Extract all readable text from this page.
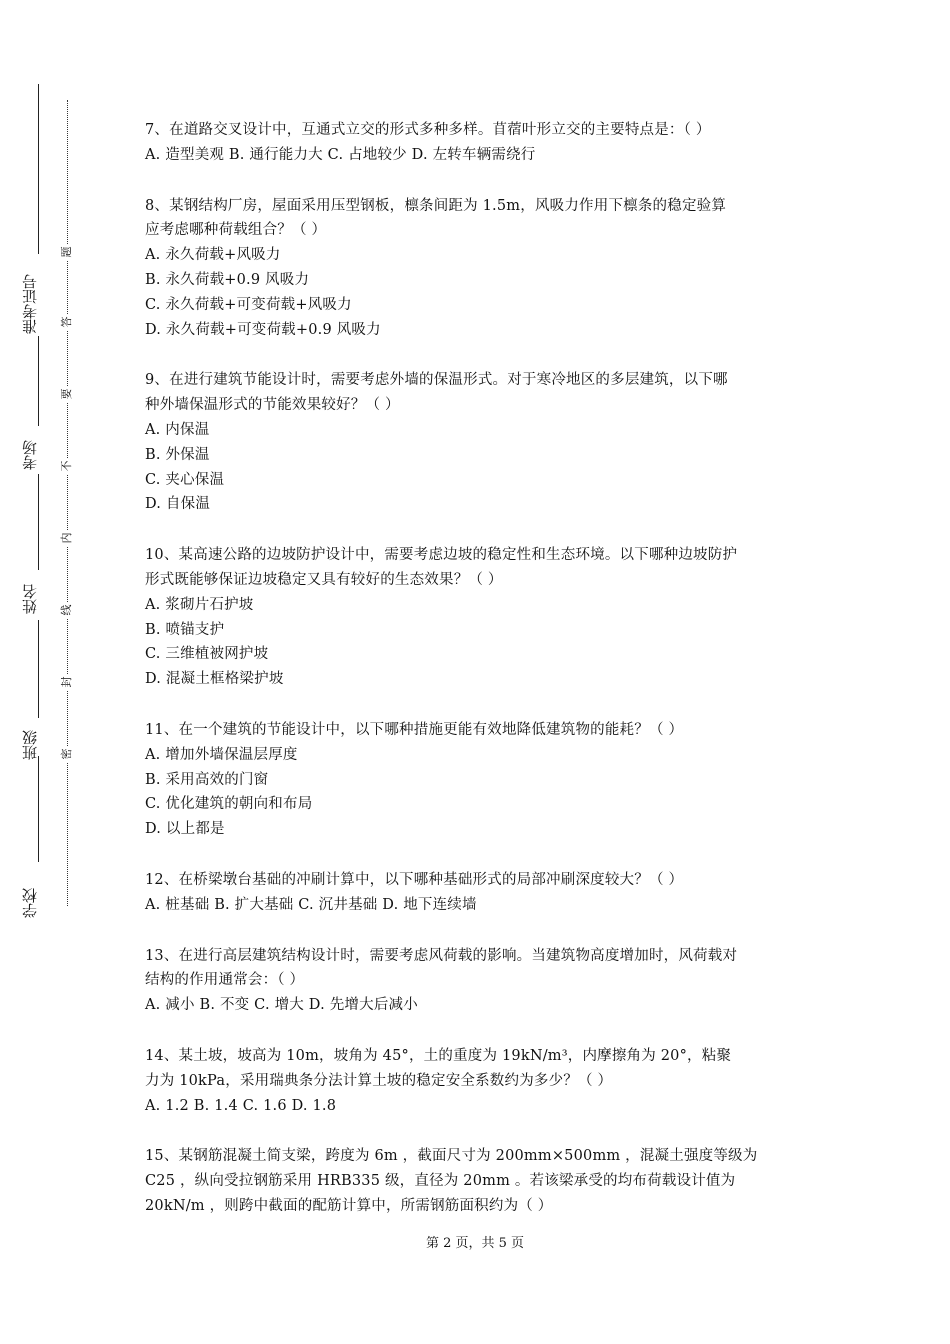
准考证号
考场
姓名
班级
学校
题
答
要
不
内
线
封
密
7、在道路交叉设计中，互通式立交的形式多种多样。苜蓿叶形立交的主要特点是：（ ）
A. 造型美观 B. 通行能力大 C. 占地较少 D. 左转车辆需绕行
8、某钢结构厂房，屋面采用压型钢板，檩条间距为 1.5m，风吸力作用下檩条的稳定验算
应考虑哪种荷载组合？（ ）
A. 永久荷载+风吸力
B. 永久荷载+0.9 风吸力
C. 永久荷载+可变荷载+风吸力
D. 永久荷载+可变荷载+0.9 风吸力
9、在进行建筑节能设计时，需要考虑外墙的保温形式。对于寒冷地区的多层建筑，以下哪
种外墙保温形式的节能效果较好？（ ）
A. 内保温
B. 外保温
C. 夹心保温
D. 自保温
10、某高速公路的边坡防护设计中，需要考虑边坡的稳定性和生态环境。以下哪种边坡防护
形式既能够保证边坡稳定又具有较好的生态效果？（ ）
A. 浆砌片石护坡
B. 喷锚支护
C. 三维植被网护坡
D. 混凝土框格梁护坡
11、在一个建筑的节能设计中，以下哪种措施更能有效地降低建筑物的能耗？（ ）
A. 增加外墙保温层厚度
B. 采用高效的门窗
C. 优化建筑的朝向和布局
D. 以上都是
12、在桥梁墩台基础的冲刷计算中，以下哪种基础形式的局部冲刷深度较大？（ ）
A. 桩基础 B. 扩大基础 C. 沉井基础 D. 地下连续墙
13、在进行高层建筑结构设计时，需要考虑风荷载的影响。当建筑物高度增加时，风荷载对
结构的作用通常会：（ ）
A. 减小 B. 不变 C. 增大 D. 先增大后减小
14、某土坡，坡高为 10m，坡角为 45°，土的重度为 19kN/m³，内摩擦角为 20°，粘聚
力为 10kPa，采用瑞典条分法计算土坡的稳定安全系数约为多少？（ ）
A. 1.2 B. 1.4 C. 1.6 D. 1.8
15、某钢筋混凝土简支梁，跨度为 6m ，截面尺寸为 200mm×500mm ，混凝土强度等级为
C25 ，纵向受拉钢筋采用 HRB335 级，直径为 20mm 。若该梁承受的均布荷载设计值为
20kN/m ，则跨中截面的配筋计算中，所需钢筋面积约为（ ）
第 2 页，共 5 页
